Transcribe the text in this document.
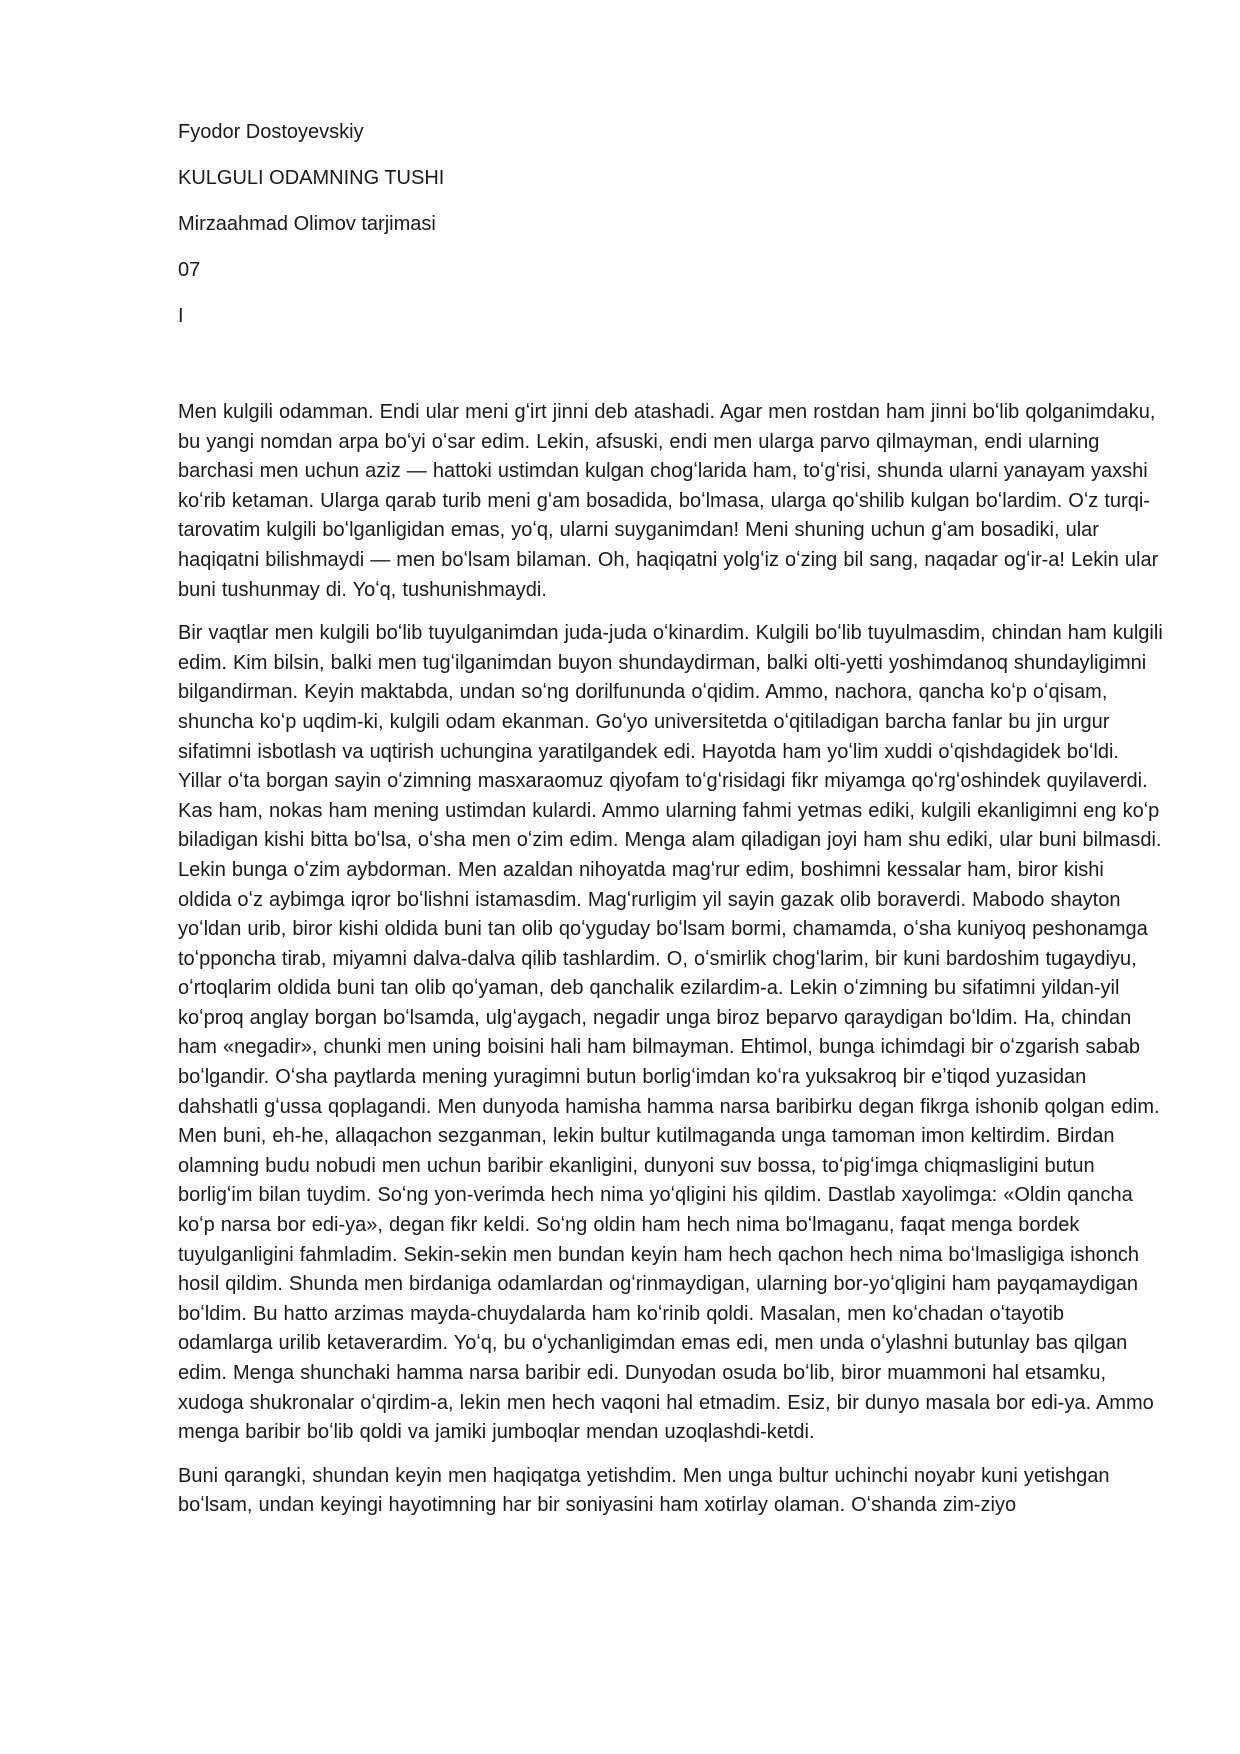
Fyodor Dostoyevskiy

KULGULI ODAMNING TUSHI

Mirzaahmad Olimov tarjimasi

07

I

Men kulgili odamman. Endi ular meni gʻirt jinni deb atashadi. Agar men rostdan ham jinni boʻlib qolganimdaku, bu yangi nomdan arpa boʻyi oʻsar edim. Lekin, afsuski, endi men ularga parvo qilmayman, endi ularning barchasi men uchun aziz — hattoki ustimdan kulgan chogʻlarida ham, toʻgʻrisi, shunda ularni yanayam yaxshi koʻrib ketaman. Ularga qarab turib meni gʻam bosadida, boʻlmasa, ularga qoʻshilib kulgan boʻlardim. Oʻz turqi-tarovatim kulgili boʻlganligidan emas, yoʻq, ularni suyganimdan! Meni shuning uchun gʻam bosadiki, ular haqiqatni bilishmaydi — men boʻlsam bilaman. Oh, haqiqatni yolgʻiz oʻzing bil sang, naqadar ogʻir-a! Lekin ular buni tushunmay di. Yoʻq, tushunishmaydi.

Bir vaqtlar men kulgili boʻlib tuyulganimdan juda-juda oʻkinardim. Kulgili boʻlib tuyulmasdim, chindan ham kulgili edim. Kim bilsin, balki men tugʻilganimdan buyon shundaydirman, balki olti-yetti yoshimdanoq shundayligimni bilgandirman. Keyin maktabda, undan soʻng dorilfununda oʻqidim. Ammo, nachora, qancha koʻp oʻqisam, shuncha koʻp uqdim-ki, kulgili odam ekanman. Goʻyo universitetda oʻqitiladigan barcha fanlar bu jin urgur sifatimni isbotlash va uqtirish uchungina yaratilgandek edi. Hayotda ham yoʻlim xuddi oʻqishdagidek boʻldi. Yillar oʻta borgan sayin oʻzimning masxaraomuz qiyofam toʻgʻrisidagi fikr miyamga qoʻrgʻoshindek quyilaverdi. Kas ham, nokas ham mening ustimdan kulardi. Ammo ularning fahmi yetmas ediki, kulgili ekanligimni eng koʻp biladigan kishi bitta boʻlsa, oʻsha men oʻzim edim. Menga alam qiladigan joyi ham shu ediki, ular buni bilmasdi. Lekin bunga oʻzim aybdorman. Men azaldan nihoyatda magʻrur edim, boshimni kessalar ham, biror kishi oldida oʻz aybimga iqror boʻlishni istamasdim. Magʻrurligim yil sayin gazak olib boraverdi. Mabodo shayton yoʻldan urib, biror kishi oldida buni tan olib qoʻyguday boʻlsam bormi, chamamda, oʻsha kuniyoq peshonamga toʻpponcha tirab, miyamni dalva-dalva qilib tashlardim. O, oʻsmirlik chogʻlarim, bir kuni bardoshim tugaydiyu, oʻrtoqlarim oldida buni tan olib qoʻyaman, deb qanchalik ezilardim-a. Lekin oʻzimning bu sifatimni yildan-yil koʻproq anglay borgan boʻlsamda, ulgʻaygach, negadir unga biroz beparvo qaraydigan boʻldim. Ha, chindan ham «negadir», chunki men uning boisini hali ham bilmayman. Ehtimol, bunga ichimdagi bir oʻzgarish sabab boʻlgandir. Oʻsha paytlarda mening yuragimni butun borligʻimdan koʻra yuksakroq bir eʼtiqod yuzasidan dahshatli gʻussa qoplagandi. Men dunyoda hamisha hamma narsa baribirku degan fikrga ishonib qolgan edim. Men buni, eh-he, allaqachon sezganman, lekin bultur kutilmaganda unga tamoman imon keltirdim. Birdan olamning budu nobudi men uchun baribir ekanligini, dunyoni suv bossa, toʻpigʻimga chiqmasligini butun borligʻim bilan tuydim. Soʻng yon-verimda hech nima yoʻqligini his qildim. Dastlab xayolimga: «Oldin qancha koʻp narsa bor edi-ya», degan fikr keldi. Soʻng oldin ham hech nima boʻlmaganu, faqat menga bordek tuyulganligini fahmladim. Sekin-sekin men bundan keyin ham hech qachon hech nima boʻlmasligiga ishonch hosil qildim. Shunda men birdaniga odamlardan ogʻrinmaydigan, ularning bor-yoʻqligini ham payqamaydigan boʻldim. Bu hatto arzimas mayda-chuydalarda ham koʻrinib qoldi. Masalan, men koʻchadan oʻtayotib odamlarga urilib ketaverardim. Yoʻq, bu oʻychanligimdan emas edi, men unda oʻylashni butunlay bas qilgan edim. Menga shunchaki hamma narsa baribir edi. Dunyodan osuda boʻlib, biror muammoni hal etsamku, xudoga shukronalar oʻqirdim-a, lekin men hech vaqoni hal etmadim. Esiz, bir dunyo masala bor edi-ya. Ammo menga baribir boʻlib qoldi va jamiki jumboqlar mendan uzoqlashdi-ketdi.

Buni qarangki, shundan keyin men haqiqatga yetishdim. Men unga bultur uchinchi noyabr kuni yetishgan boʻlsam, undan keyingi hayotimning har bir soniyasini ham xotirlay olaman. Oʻshanda zim-ziyo
